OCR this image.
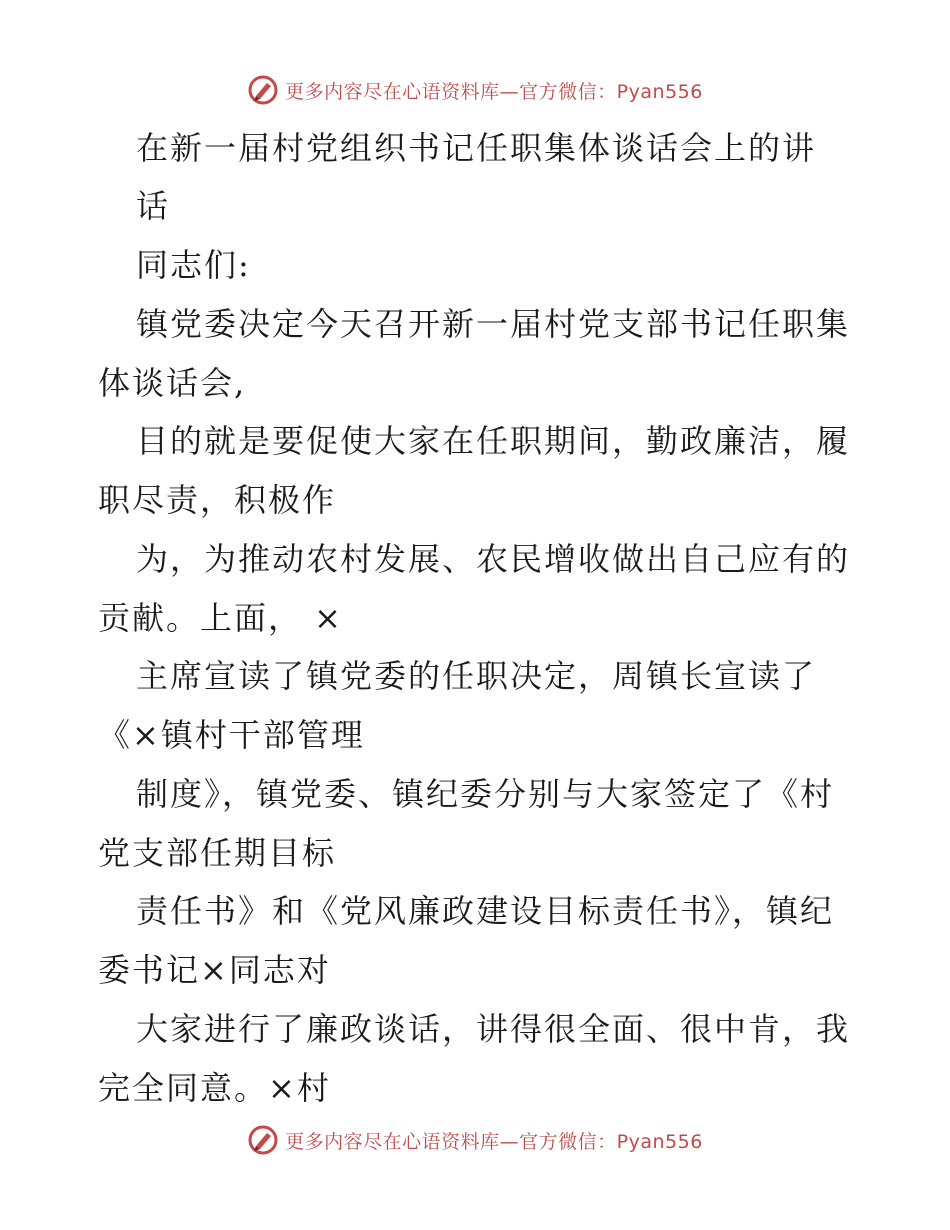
更多内容尽在心语资料库—官方微信：Pyan556
在新一届村党组织书记任职集体谈话会上的讲
话
同志们:
镇党委决定今天召开新一届村党支部书记任职集
体谈话会,
目的就是要促使大家在任职期间，勤政廉洁，履
职尽责，积极作
为，为推动农村发展、农民增收做出自己应有的
贡献。上面， ×
主席宣读了镇党委的任职决定，周镇长宣读了
《×镇村干部管理
制度》，镇党委、镇纪委分别与大家签定了《村
党支部任期目标
责任书》和《党风廉政建设目标责任书》，镇纪
委书记×同志对
大家进行了廉政谈话，讲得很全面、很中肯，我
完全同意。×村
更多内容尽在心语资料库—官方微信：Pyan556
